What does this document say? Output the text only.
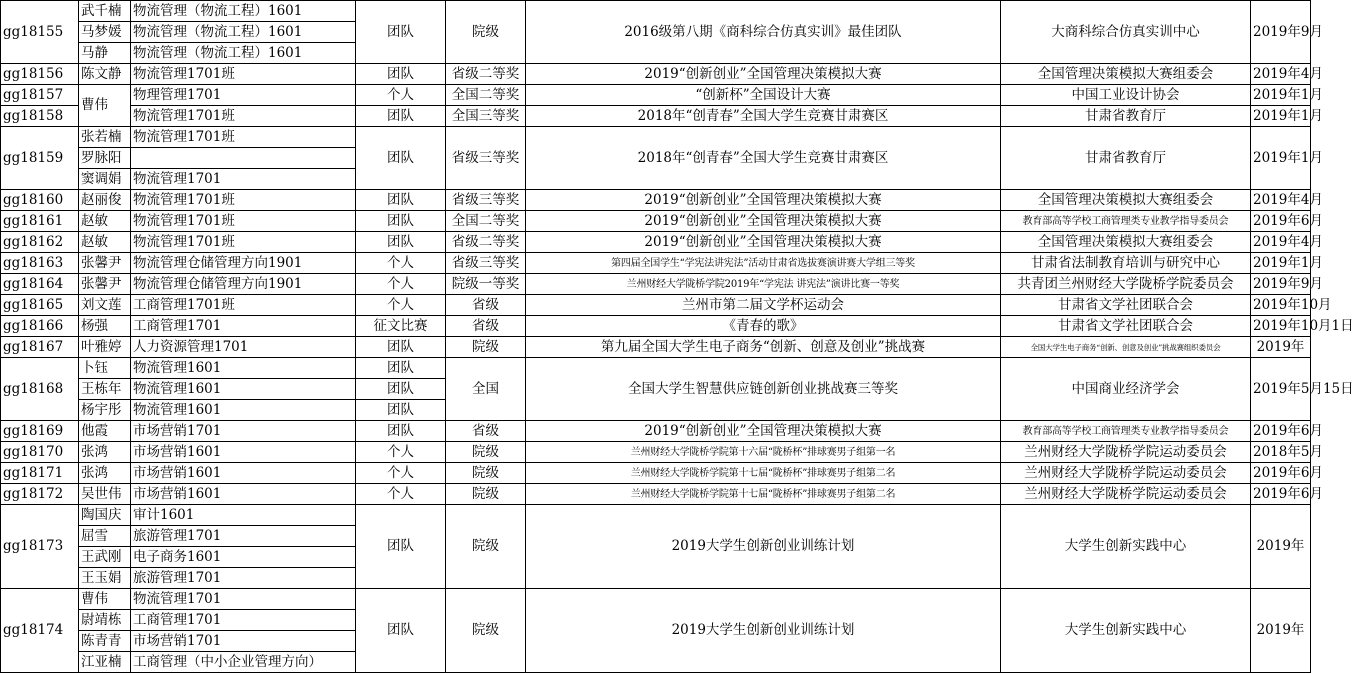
gg18155	武千楠	物流管理（物流工程）1601	团队	院级	2016级第八期《商科综合仿真实训》最佳团队	大商科综合仿真实训中心	2019年9月
	马梦媛	物流管理（物流工程）1601					
	马静	物流管理（物流工程）1601					
gg18156	陈文静	物流管理1701班	团队	省级二等奖	2019“创新创业”全国管理决策模拟大赛	全国管理决策模拟大赛组委会	2019年4月
gg18157	曹伟	物理管理1701	个人	全国二等奖	“创新杯”全国设计大赛	中国工业设计协会	2019年1月
gg18158		物流管理1701班	团队	全国三等奖	2018年“创青春”全国大学生竞赛甘肃赛区	甘肃省教育厅	2019年1月
gg18159	张若楠	物流管理1701班	团队	省级三等奖	2018年“创青春”全国大学生竞赛甘肃赛区	甘肃省教育厅	2019年1月
	罗脉阳						
	窦调娟	物流管理1701					
gg18160	赵丽俊	物流管理1701班	团队	省级三等奖	2019“创新创业”全国管理决策模拟大赛	全国管理决策模拟大赛组委会	2019年4月
gg18161	赵敏	物流管理1701班	团队	全国二等奖	2019“创新创业”全国管理决策模拟大赛	教育部高等学校工商管理类专业教学指导委员会	2019年6月
gg18162	赵敏	物流管理1701班	团队	省级二等奖	2019“创新创业”全国管理决策模拟大赛	全国管理决策模拟大赛组委会	2019年4月
gg18163	张馨尹	物流管理仓储管理方向1901	个人	省级三等奖	第四届全国学生“学宪法讲宪法”活动甘肃省选拔赛演讲赛大学组三等奖	甘肃省法制教育培训与研究中心	2019年1月
gg18164	张馨尹	物流管理仓储管理方向1901	个人	院级一等奖	兰州财经大学陇桥学院2019年“学宪法 讲宪法”演讲比赛一等奖	共青团兰州财经大学陇桥学院委员会	2019年9月
gg18165	刘文莲	工商管理1701班	个人	省级	兰州市第二届文学杯运动会	甘肃省文学社团联合会	2019年10月
gg18166	杨强	工商管理1701	征文比赛	省级	《青春的歌》	甘肃省文学社团联合会	2019年10月1日
gg18167	叶雅婷	人力资源管理1701	团队	院级	第九届全国大学生电子商务“创新、创意及创业”挑战赛	全国大学生电子商务“创新、创意及创业”挑战赛组织委员会	2019年
gg18168	卜钰	物流管理1601	团队	全国	全国大学生智慧供应链创新创业挑战赛三等奖	中国商业经济学会	2019年5月15日
	王栋年	物流管理1601	团队				
	杨宇彤	物流管理1601	团队				
gg18169	他霞	市场营销1701	团队	省级	2019“创新创业”全国管理决策模拟大赛	教育部高等学校工商管理类专业教学指导委员会	2019年6月
gg18170	张鸿	市场营销1601	个人	院级	兰州财经大学陇桥学院第十六届“陇桥杯”排球赛男子组第一名	兰州财经大学陇桥学院运动委员会	2018年5月
gg18171	张鸿	市场营销1601	个人	院级	兰州财经大学陇桥学院第十七届“陇桥杯”排球赛男子组第二名	兰州财经大学陇桥学院运动委员会	2019年6月
gg18172	吴世伟	市场营销1601	个人	院级	兰州财经大学陇桥学院第十七届“陇桥杯”排球赛男子组第二名	兰州财经大学陇桥学院运动委员会	2019年6月
gg18173	陶国庆	审计1601	团队	院级	2019大学生创新创业训练计划	大学生创新实践中心	2019年
	屈雪	旅游管理1701					
	王武刚	电子商务1601					
	王玉娟	旅游管理1701					
gg18174	曹伟	物流管理1701	团队	院级	2019大学生创新创业训练计划	大学生创新实践中心	2019年
	尉靖栋	工商管理1701					
	陈青青	市场营销1701					
	江亚楠	工商管理（中小企业管理方向）					
